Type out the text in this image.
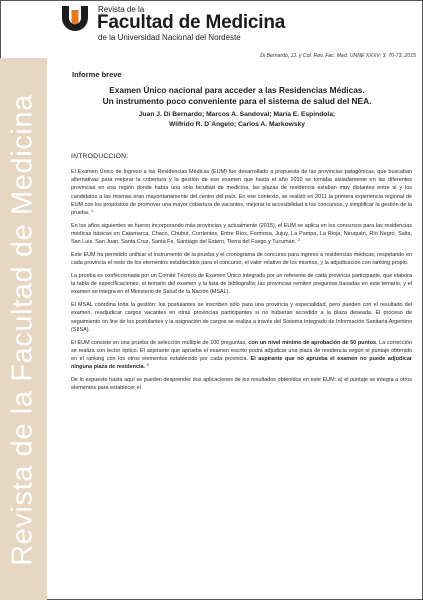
Revista de la Facultad de Medicina
Revista de la
Facultad de Medicina
de la Universidad Nacional del Nordeste
Di Bernardo, JJ. y Col. Rev. Fac. Med. UNNE XXXV: 3, 70-73, 2015
Informe breve
Examen Único nacional para acceder a las Residencias Médicas.
Un instrumento poco conveniente para el sistema de salud del NEA.
Juan J. Di Bernardo; Marcos A. Sandoval; María E. Espindola;
Wilfrido R. D´Angelo; Carlos A. Markowsky
INTRODUCCION:

El Examen Único de Ingreso a las Residencias Médicas (EUM) fue desarrollado a propuesta de las provincias patagónicas, que buscaban alternativas para mejorar la cobertura y la gestión de ese examen que hasta el año 2010 se tomaba aisladamente en las diferentes provincias en esa región donde había una sola facultad de medicina, las plazas de residencia estaban muy distantes entre sí y los candidatos a las mismas eran mayoritariamente del centro del país. En ese contexto, se realizó en 2011 la primera experiencia regional de EUM con los propósitos de promover una mayor cobertura de vacantes, mejorar la accesibilidad a los concursos, y simplificar la gestión de la prueba. $^1$

En los años siguientes se fueron incorporando más provincias y actualmente (2015), el EUM se aplica en los concursos para las residencias médicas básicas en Catamarca, Chaco, Chubut, Corrientes, Entre Ríos, Formosa, Jujuy, La Pampa, La Rioja, Neuquén, Río Negro, Salta, San Luis, San Juan, Santa Cruz, Santa Fe, Santiago del Estero, Tierra del Fuego y Tucumán. $^2$

Este EUM ha permitido unificar el instrumento de la prueba y el cronograma de concurso para ingreso a residencias médicas; respetando en cada provincia el resto de los elementos establecidos para el concurso, el valor relativo de los mismos, y la adjudicación con ranking propio.

La prueba es confeccionada por un Comité Técnico de Examen Único integrado por un referente de cada provincia participante, que elabora la tabla de especificaciones, el temario del examen y la lista de bibliografía; las provincias remiten preguntas basadas en este temario; y el examen se integra en el Ministerio de Salud de la Nación (MSAL).

El MSAL coordina toda la gestión: los postulantes se inscriben sólo para una provincia y especialidad, pero pueden con el resultado del examen, readjudicar cargos vacantes en otras provincias participantes si no hubieran accedido a la plaza deseada. El proceso de seguimiento on line de los postulantes y la asignación de cargos se realiza a través del Sistema Integrado de Información Sanitaria Argentino (SIISA).

El EUM consiste en una prueba de selección múltiple de 100 preguntas, con un nivel mínimo de aprobación de 50 puntos. La corrección se realiza con lector óptico. El aspirante que aprueba el examen escrito podrá adjudicar una plaza de residencia según el puntaje obtenido en el ranking con los otros elementos establecido por cada provincia. El aspirante que no aprueba el examen no puede adjudicar ninguna plaza de residencia. $^3$

De lo expuesto hasta aquí se pueden desprender dos aplicaciones de los resultados obtenidos en este EUM: a) el puntaje se integra a otros elementos para establecer el
